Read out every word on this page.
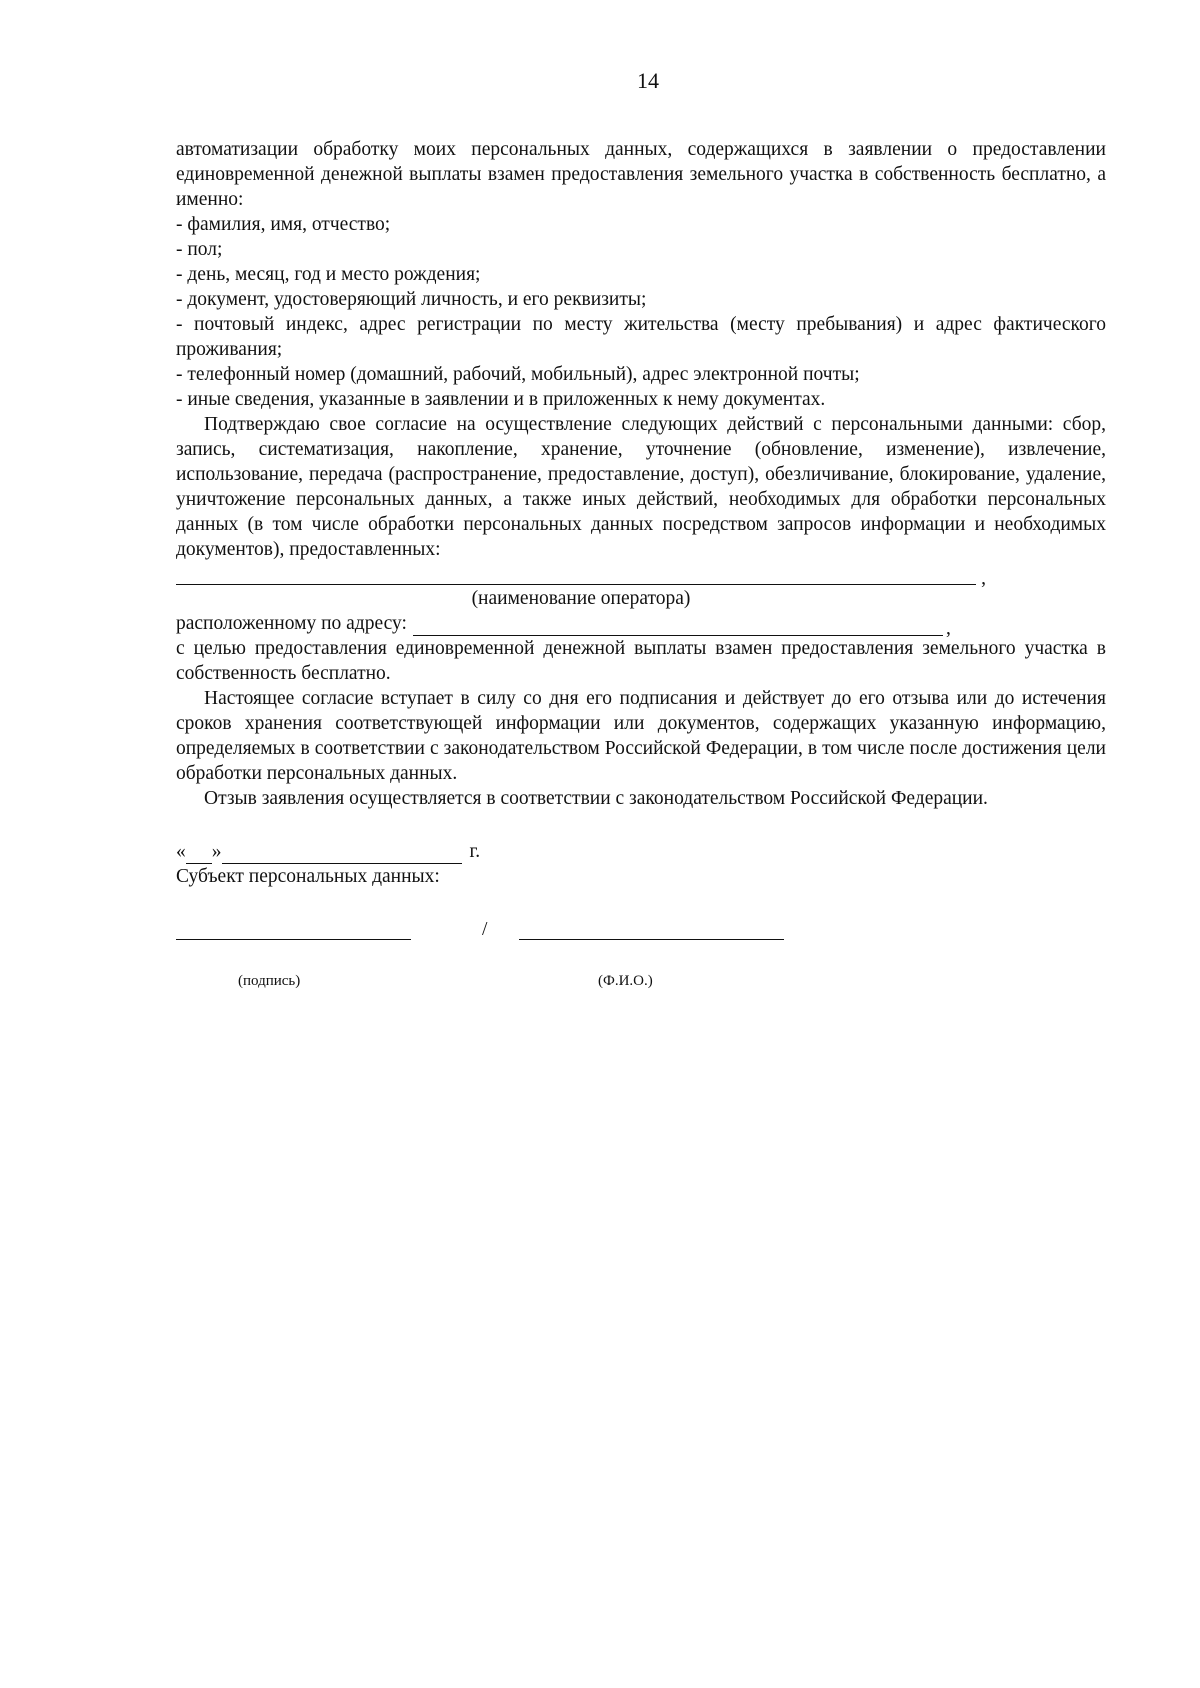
14

автоматизации обработку моих персональных данных, содержащихся в заявлении о предоставлении единовременной денежной выплаты взамен предоставления земельного участка в собственность бесплатно, а именно:

- фамилия, имя, отчество;

- пол;

- день, месяц, год и место рождения;

- документ, удостоверяющий личность, и его реквизиты;

- почтовый индекс, адрес регистрации по месту жительства (месту пребывания) и адрес фактического проживания;

- телефонный номер (домашний, рабочий, мобильный), адрес электронной почты;

- иные сведения, указанные в заявлении и в приложенных к нему документах.

Подтверждаю свое согласие на осуществление следующих действий с персональными данными: сбор, запись, систематизация, накопление, хранение, уточнение (обновление, изменение), извлечение, использование, передача (распространение, предоставление, доступ), обезличивание, блокирование, удаление, уничтожение персональных данных, а также иных действий, необходимых для обработки персональных данных (в том числе обработки персональных данных посредством запросов информации и необходимых документов), предоставленных:

,
(наименование оператора)
расположенному по адресу:
,

с целью предоставления единовременной денежной выплаты взамен предоставления земельного участка в собственность бесплатно.

Настоящее согласие вступает в силу со дня его подписания и действует до его отзыва или до истечения сроков хранения соответствующей информации или документов, содержащих указанную информацию, определяемых в соответствии с законодательством Российской Федерации, в том числе после достижения цели обработки персональных данных.

Отзыв заявления осуществляется в соответствии с законодательством Российской Федерации.

« »	г.

Субъект персональных данных:

/
(подпись)	(Ф.И.О.)
